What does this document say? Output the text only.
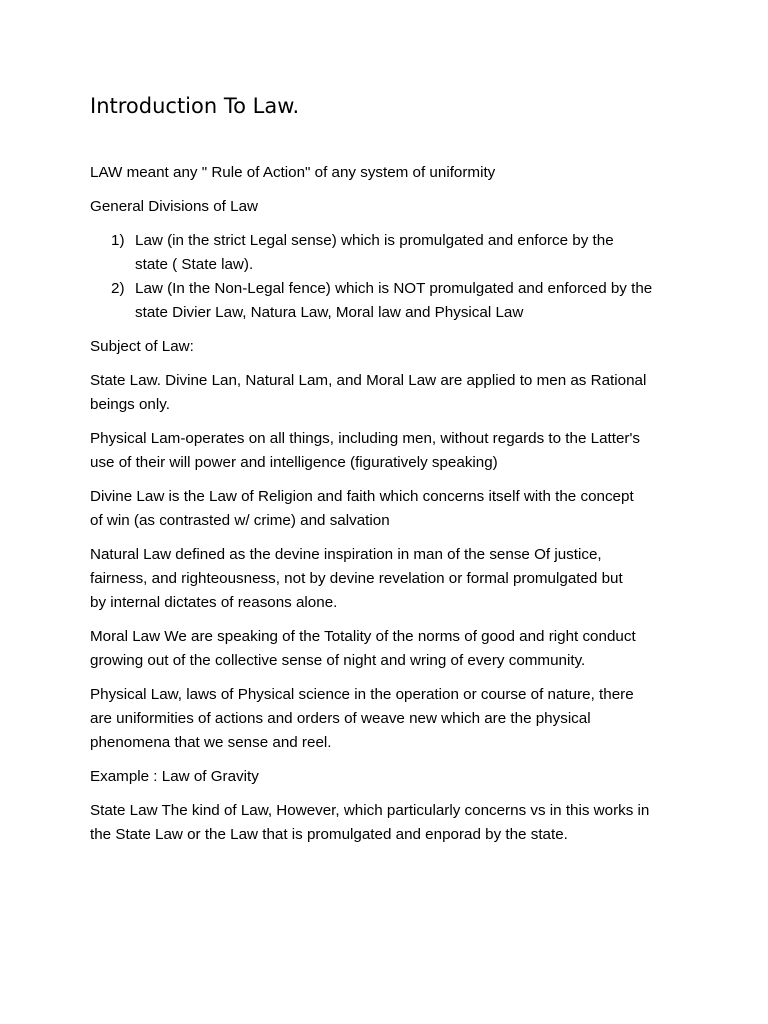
Introduction To Law.

LAW meant any " Rule of Action" of any system of uniformity

General Divisions of Law

1) Law (in the strict Legal sense) which is promulgated and enforce by the
state ( State law).
2) Law (In the Non-Legal fence) which is NOT promulgated and enforced by the
state Divier Law, Natura Law, Moral law and Physical Law

Subject of Law:

State Law. Divine Lan, Natural Lam, and Moral Law are applied to men as Rational
beings only.

Physical Lam-operates on all things, including men, without regards to the Latter's
use of their will power and intelligence (figuratively speaking)

Divine Law is the Law of Religion and faith which concerns itself with the concept
of win (as contrasted w/ crime) and salvation

Natural Law defined as the devine inspiration in man of the sense Of justice,
fairness, and righteousness, not by devine revelation or formal promulgated but
by internal dictates of reasons alone.

Moral Law We are speaking of the Totality of the norms of good and right conduct
growing out of the collective sense of night and wring of every community.

Physical Law, laws of Physical science in the operation or course of nature, there
are uniformities of actions and orders of weave new which are the physical
phenomena that we sense and reel.

Example : Law of Gravity

State Law The kind of Law, However, which particularly concerns vs in this works in
the State Law or the Law that is promulgated and enporad by the state.
